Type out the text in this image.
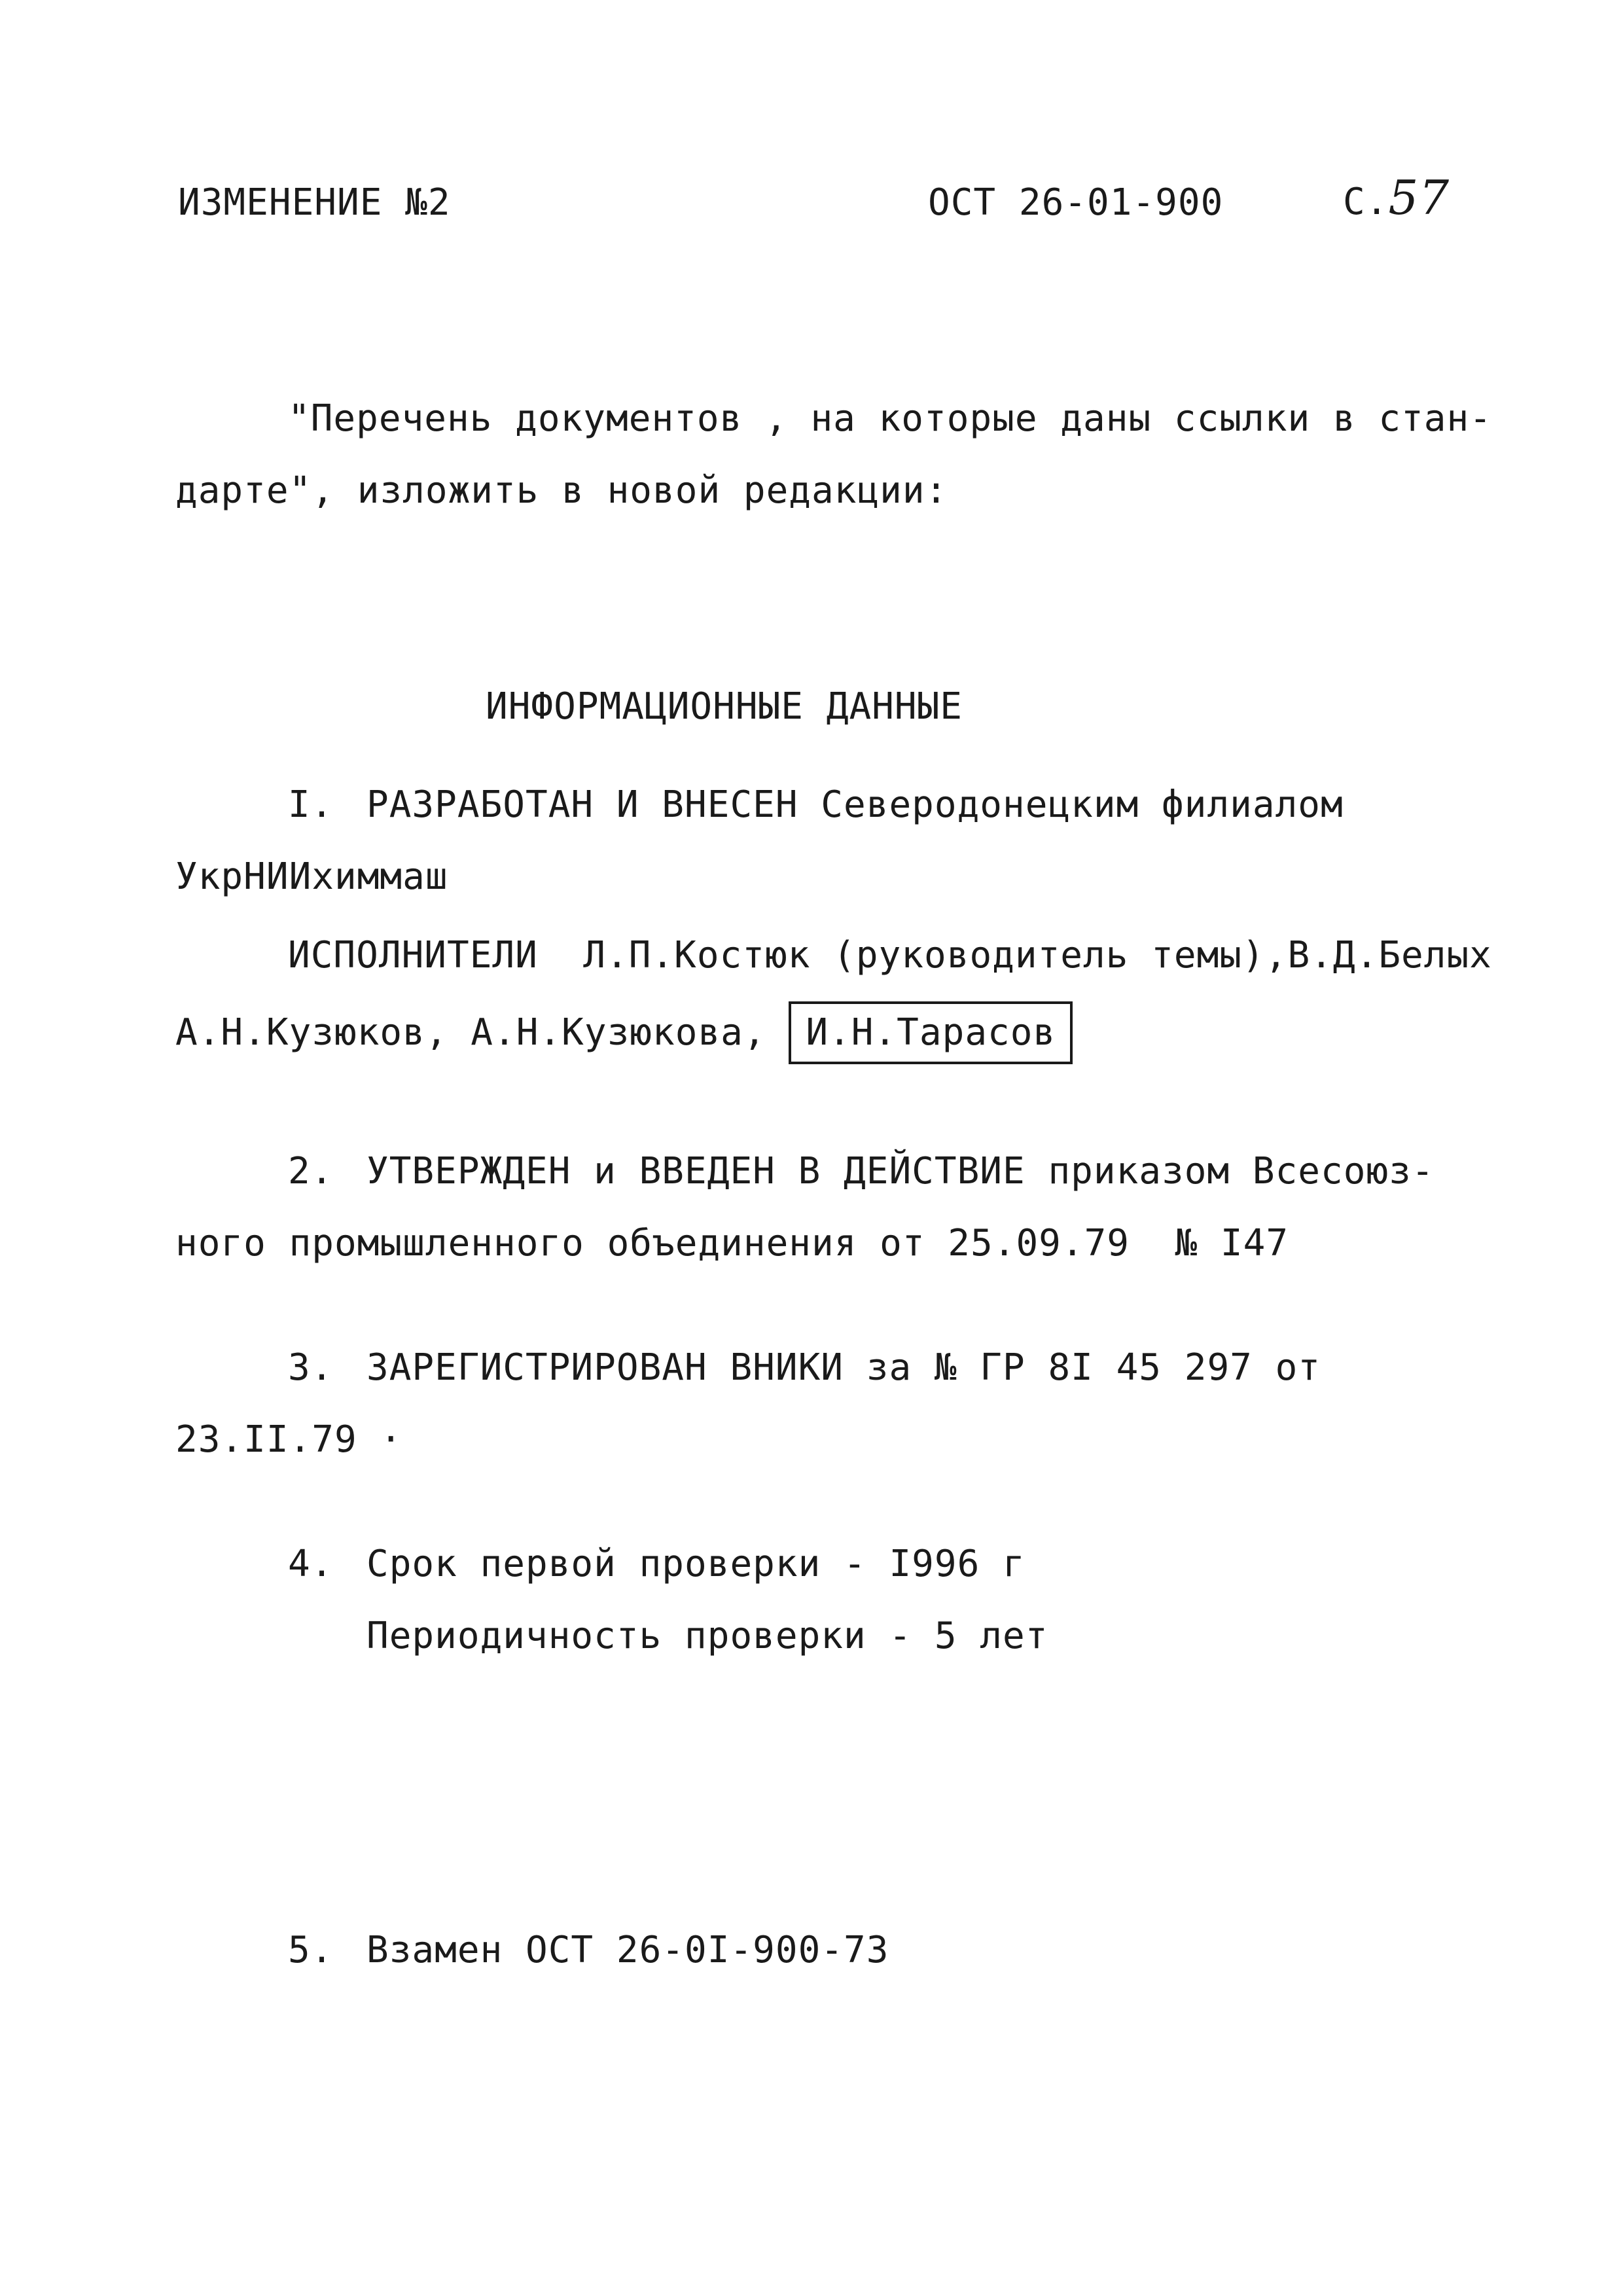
ИЗМЕНЕНИЕ №2	ОСТ 26-01-900	С.57
"Перечень документов , на которые даны ссылки в стан-
дарте", изложить в новой редакции:
ИНФОРМАЦИОННЫЕ ДАННЫЕ
I. РАЗРАБОТАН И ВНЕСЕН Северодонецким филиалом
УкрНИИхиммаш
ИСПОЛНИТЕЛИ  Л.П.Костюк (руководитель темы),В.Д.Белых
А.Н.Кузюков, А.Н.Кузюкова, И.Н.Тарасов
2. УТВЕРЖДЕН и ВВЕДЕН В ДЕЙСТВИЕ приказом Всесоюз-
ного промышленного объединения от 25.09.79  № I47
3. ЗАРЕГИСТРИРОВАН ВНИКИ за № ГР 8I 45 297 от
23.II.79 ·
4. Срок первой проверки - I996 г
Периодичность проверки - 5 лет
5. Взамен ОСТ 26-0I-900-73
